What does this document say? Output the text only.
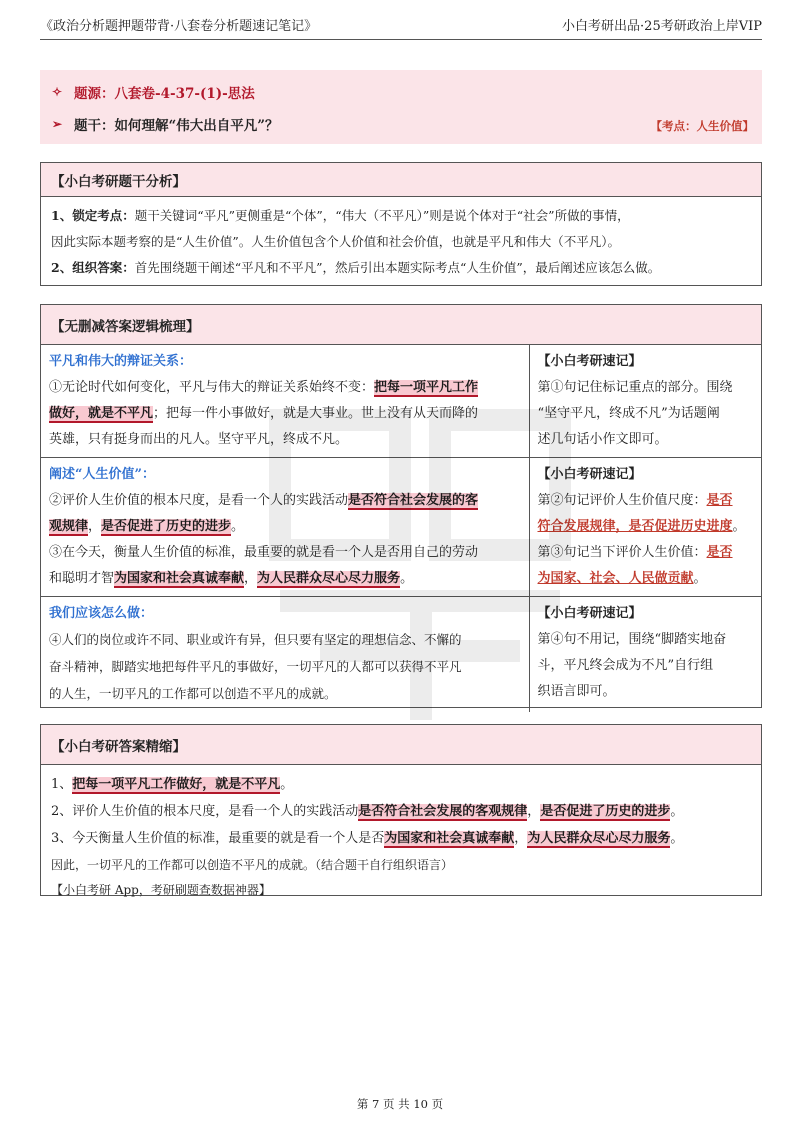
《政治分析题押题带背·八套卷分析题速记笔记》	小白考研出品·25考研政治上岸VIP
✧ 题源：八套卷-4-37-(1)-思法
➢ 题干：如何理解“伟大出自平凡”？	【考点：人生价值】
【小白考研题干分析】

1、锁定考点：题干关键词“平凡”更侧重是“个体”，“伟大（不平凡）”则是说个体对于“社会”所做的事情，

因此实际本题考察的是“人生价值”。人生价值包含个人价值和社会价值，也就是平凡和伟大（不平凡）。

2、组织答案：首先围绕题干阐述“平凡和不平凡”，然后引出本题实际考点“人生价值”，最后阐述应该怎么做。

【无删减答案逻辑梳理】
平凡和伟大的辩证关系：
①无论时代如何变化，平凡与伟大的辩证关系始终不变：把每一项平凡工作
做好，就是不平凡；把每一件小事做好，就是大事业。世上没有从天而降的
英雄，只有挺身而出的凡人。坚守平凡，终成不凡。	【小白考研速记】
第①句记住标记重点的部分。围绕
“坚守平凡，终成不凡”为话题阐
述几句话小作文即可。

阐述“人生价值”：
②评价人生价值的根本尺度，是看一个人的实践活动是否符合社会发展的客
观规律，是否促进了历史的进步。
③在今天，衡量人生价值的标准，最重要的就是看一个人是否用自己的劳动
和聪明才智为国家和社会真诚奉献，为人民群众尽心尽力服务。	【小白考研速记】
第②句记评价人生价值尺度：是否
符合发展规律，是否促进历史进度。
第③句记当下评价人生价值：是否
为国家、社会、人民做贡献。

我们应该怎么做：
④人们的岗位或许不同、职业或许有异，但只要有坚定的理想信念、不懈的
奋斗精神，脚踏实地把每件平凡的事做好，一切平凡的人都可以获得不平凡
的人生，一切平凡的工作都可以创造不平凡的成就。	【小白考研速记】
第④句不用记，围绕“脚踏实地奋
斗，平凡终会成为不凡”自行组
织语言即可。
【小白考研答案精缩】

1、把每一项平凡工作做好，就是不平凡。

2、评价人生价值的根本尺度，是看一个人的实践活动是否符合社会发展的客观规律，是否促进了历史的进步。

3、今天衡量人生价值的标准，最重要的就是看一个人是否为国家和社会真诚奉献，为人民群众尽心尽力服务。

因此，一切平凡的工作都可以创造不平凡的成就。（结合题干自行组织语言）

【小白考研 App，考研刷题查数据神器】

第 7 页 共 10 页
